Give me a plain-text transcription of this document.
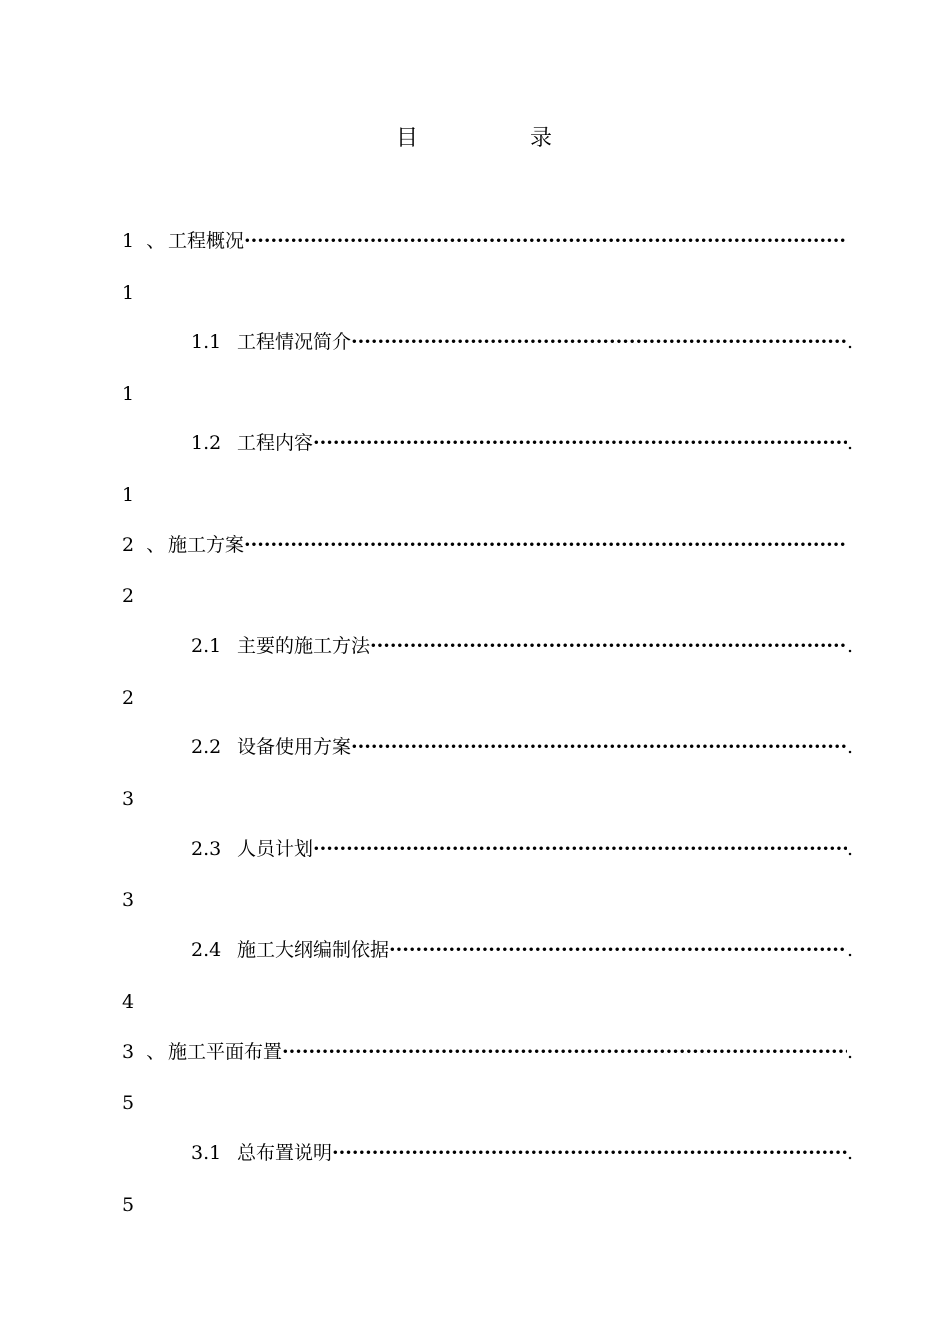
目	录
1 、 工程概况
·····
1
1.1 工程情况简介 ·····	.
1
1.2 工程内容 ·····	.
1
2 、 施工方案
·····
2
2.1 主要的施工方法 ·····	.
2
2.2 设备使用方案 ·····	.
3
2.3 人员计划 ·····	.
3
2.4 施工大纲编制依据 ·····	.
4
3 、 施工平面布置 ·····	.
5
3.1 总布置说明 ·····	.
5
